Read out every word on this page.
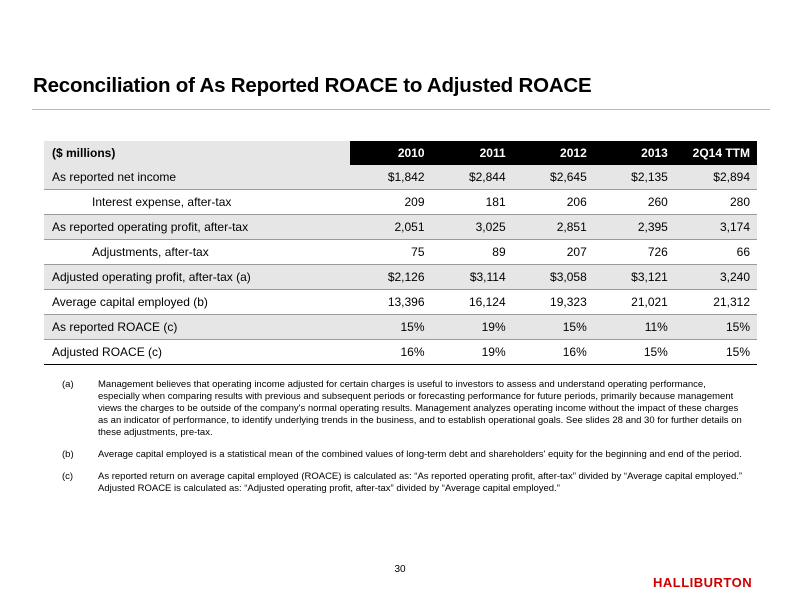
Reconciliation of As Reported ROACE to Adjusted ROACE
($ millions)	2010	2011	2012	2013	2Q14 TTM
As reported net income	$1,842	$2,844	$2,645	$2,135	$2,894
Interest expense, after-tax	209	181	206	260	280
As reported operating profit, after-tax	2,051	3,025	2,851	2,395	3,174
Adjustments, after-tax	75	89	207	726	66
Adjusted operating profit, after-tax (a)	$2,126	$3,114	$3,058	$3,121	3,240
Average capital employed (b)	13,396	16,124	19,323	21,021	21,312
As reported ROACE (c)	15%	19%	15%	11%	15%
Adjusted ROACE (c)	16%	19%	16%	15%	15%
(a)	Management believes that operating income adjusted for certain charges is useful to investors to assess and understand operating performance, especially when comparing results with previous and subsequent periods or forecasting performance for future periods, primarily because management views the charges to be outside of the company's normal operating results. Management analyzes operating income without the impact of these charges as an indicator of performance, to identify underlying trends in the business, and to establish operational goals. See slides 28 and 30 for further details on these adjustments, pre-tax.
(b)	Average capital employed is a statistical mean of the combined values of long-term debt and shareholders' equity for the beginning and end of the period.
(c)	As reported return on average capital employed (ROACE) is calculated as: “As reported operating profit, after-tax” divided by “Average capital employed.” Adjusted ROACE is calculated as: “Adjusted operating profit, after-tax” divided by “Average capital employed.”
30
HALLIBURTON
